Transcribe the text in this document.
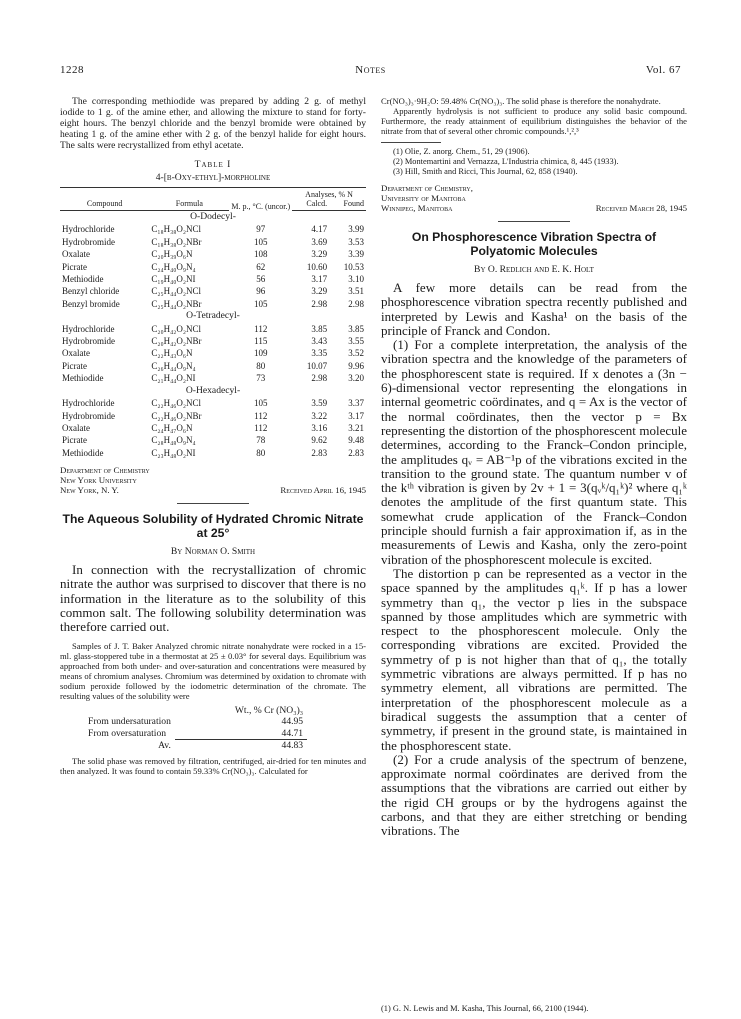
1228	Notes	Vol. 67

The corresponding methiodide was prepared by adding 2 g. of methyl iodide to 1 g. of the amine ether, and allowing the mixture to stand for forty-eight hours. The benzyl chloride and the benzyl bromide were obtained by heating 1 g. of the amine ether with 2 g. of the benzyl halide for eight hours. The salts were recrystallized from ethyl acetate.

Table I
4-[β-Oxy-ethyl]-morpholine
		M. p., °C. (uncor.)	Analyses, % N	
Compound	Formula		Calcd.	Found
O-Dodecyl-				
Hydrochloride	C₁₈H₃₈O₂NCl	97	4.17	3.99
Hydrobromide	C₁₈H₃₈O₂NBr	105	3.69	3.53
Oxalate	C₂₀H₃₉O₆N	108	3.29	3.39
Picrate	C₂₄H₄₀O₉N₄	62	10.60	10.53
Methiodide	C₁₉H₄₀O₂NI	56	3.17	3.10
Benzyl chloride	C₂₅H₄₄O₂NCl	96	3.29	3.51
Benzyl bromide	C₂₅H₄₄O₂NBr	105	2.98	2.98
O-Tetradecyl-				
Hydrochloride	C₂₀H₄₂O₂NCl	112	3.85	3.85
Hydrobromide	C₂₀H₄₂O₂NBr	115	3.43	3.55
Oxalate	C₂₂H₄₃O₆N	109	3.35	3.52
Picrate	C₂₆H₄₄O₉N₄	80	10.07	9.96
Methiodide	C₂₁H₄₄O₂NI	73	2.98	3.20
O-Hexadecyl-				
Hydrochloride	C₂₂H₄₆O₂NCl	105	3.59	3.37
Hydrobromide	C₂₂H₄₆O₂NBr	112	3.22	3.17
Oxalate	C₂₄H₄₇O₆N	112	3.16	3.21
Picrate	C₂₈H₄₈O₉N₄	78	9.62	9.48
Methiodide	C₂₃H₄₈O₂NI	80	2.83	2.83
Department of Chemistry
New York University
New York, N. Y.	Received April 16, 1945
The Aqueous Solubility of Hydrated Chromic Nitrate at 25°
By Norman O. Smith

In connection with the recrystallization of chromic nitrate the author was surprised to discover that there is no information in the literature as to the solubility of this common salt. The following solubility determination was therefore carried out.

Samples of J. T. Baker Analyzed chromic nitrate nonahydrate were rocked in a 15-ml. glass-stoppered tube in a thermostat at 25 ± 0.03° for several days. Equilibrium was approached from both under- and over-saturation and concentrations were measured by means of chromium analyses. Chromium was determined by oxidation to chromate with sodium peroxide followed by the iodometric determination of the chromate. The resulting values of the solubility were

	Wt., % Cr (NO₃)₃
From undersaturation	44.95
From oversaturation	44.71
Av.	44.83

The solid phase was removed by filtration, centrifuged, air-dried for ten minutes and then analyzed. It was found to contain 59.33% Cr(NO₃)₃. Calculated for

Cr(NO₃)₃·9H₂O: 59.48% Cr(NO₃)₃. The solid phase is therefore the nonahydrate.

Apparently hydrolysis is not sufficient to produce any solid basic compound. Furthermore, the ready attainment of equilibrium distinguishes the behavior of the nitrate from that of several other chromic compounds.¹,²,³

(1) Olie, Z. anorg. Chem., 51, 29 (1906).
(2) Montemartini and Vernazza, L'Industria chimica, 8, 445 (1933).
(3) Hill, Smith and Ricci, This Journal, 62, 858 (1940).
Department of Chemistry,
University of Manitoba
Winnipeg, Manitoba	Received March 28, 1945
On Phosphorescence Vibration Spectra of Polyatomic Molecules
By O. Redlich and E. K. Holt

A few more details can be read from the phosphorescence vibration spectra recently published and interpreted by Lewis and Kasha¹ on the basis of the principle of Franck and Condon.

(1) For a complete interpretation, the analysis of the vibration spectra and the knowledge of the parameters of the phosphorescent state is required. If x denotes a (3n − 6)-dimensional vector representing the elongations in internal geometric coördinates, and q = Ax is the vector of the normal coördinates, then the vector p = Bx representing the distortion of the phosphorescent molecule determines, according to the Franck–Condon principle, the amplitudes qᵥ = AB⁻¹p of the vibrations excited in the transition to the ground state. The quantum number v of the kᵗʰ vibration is given by 2v + 1 = 3(qᵥᵏ/q₁ᵏ)² where q₁ᵏ denotes the amplitude of the first quantum state. This somewhat crude application of the Franck–Condon principle should furnish a fair approximation if, as in the measurements of Lewis and Kasha, only the zero-point vibration of the phosphorescent molecule is excited.

The distortion p can be represented as a vector in the space spanned by the amplitudes q₁ᵏ. If p has a lower symmetry than q₁, the vector p lies in the subspace spanned by those amplitudes which are symmetric with respect to the phosphorescent molecule. Only the corresponding vibrations are excited. Provided the symmetry of p is not higher than that of q₁, the totally symmetric vibrations are always permitted. If p has no symmetry element, all vibrations are permitted. The interpretation of the phosphorescent molecule as a biradical suggests the assumption that a center of symmetry, if present in the ground state, is maintained in the phosphorescent state.

(2) For a crude analysis of the spectrum of benzene, approximate normal coördinates are derived from the assumptions that the vibrations are carried out either by the rigid CH groups or by the hydrogens against the carbons, and that they are either stretching or bending vibrations. The

(1) G. N. Lewis and M. Kasha, This Journal, 66, 2100 (1944).
